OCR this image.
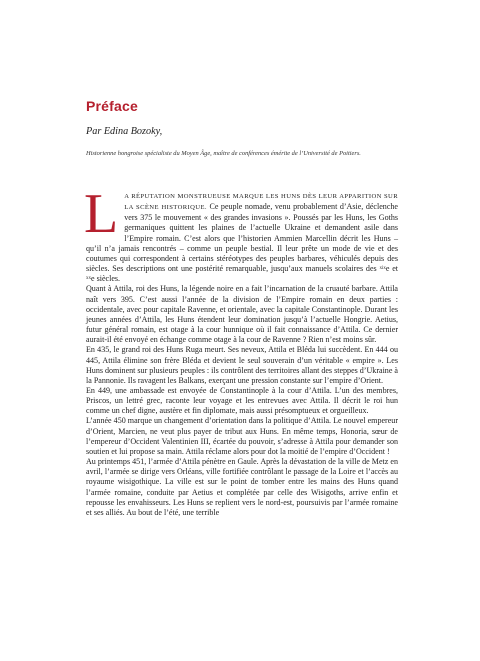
Préface

Par Edina Bozoky,

Historienne hongroise spécialiste du Moyen Âge, maître de conférences émérite de l’Université de Poitiers.

LA RÉPUTATION MONSTRUEUSE MARQUE LES HUNS DÈS LEUR APPARITION SUR LA SCÈNE HISTORIQUE. Ce peuple nomade, venu probablement d’Asie, déclenche vers 375 le mouvement « des grandes invasions ». Poussés par les Huns, les Goths germaniques quittent les plaines de l’actuelle Ukraine et demandent asile dans l’Empire romain. C’est alors que l’historien Ammien Marcellin décrit les Huns – qu’il n’a jamais rencontrés – comme un peuple bestial. Il leur prête un mode de vie et des coutumes qui correspondent à certains stéréotypes des peuples barbares, véhiculés depuis des siècles. Ses descriptions ont une postérité remarquable, jusqu’aux manuels scolaires des $^{xix}$e et $^{xx}$e siècles.

Quant à Attila, roi des Huns, la légende noire en a fait l’incarnation de la cruauté barbare. Attila naît vers 395. C’est aussi l’année de la division de l’Empire romain en deux parties : occidentale, avec pour capitale Ravenne, et orientale, avec la capitale Constantinople. Durant les jeunes années d’Attila, les Huns étendent leur domination jusqu’à l’actuelle Hongrie. Aetius, futur général romain, est otage à la cour hunnique où il fait connaissance d’Attila. Ce dernier aurait-il été envoyé en échange comme otage à la cour de Ravenne ? Rien n’est moins sûr.

En 435, le grand roi des Huns Ruga meurt. Ses neveux, Attila et Bléda lui succèdent. En 444 ou 445, Attila élimine son frère Bléda et devient le seul souverain d’un véritable « empire ». Les Huns dominent sur plusieurs peuples : ils contrôlent des territoires allant des steppes d’Ukraine à la Pannonie. Ils ravagent les Balkans, exerçant une pression constante sur l’empire d’Orient.

En 449, une ambassade est envoyée de Constantinople à la cour d’Attila. L’un des membres, Priscos, un lettré grec, raconte leur voyage et les entrevues avec Attila. Il décrit le roi hun comme un chef digne, austère et fin diplomate, mais aussi présomptueux et orgueilleux.

L’année 450 marque un changement d’orientation dans la politique d’Attila. Le nouvel empereur d’Orient, Marcien, ne veut plus payer de tribut aux Huns. En même temps, Honoria, sœur de l’empereur d’Occident Valentinien III, écartée du pouvoir, s’adresse à Attila pour demander son soutien et lui propose sa main. Attila réclame alors pour dot la moitié de l’empire d’Occident !

Au printemps 451, l’armée d’Attila pénètre en Gaule. Après la dévastation de la ville de Metz en avril, l’armée se dirige vers Orléans, ville fortifiée contrôlant le passage de la Loire et l’accès au royaume wisigothique. La ville est sur le point de tomber entre les mains des Huns quand l’armée romaine, conduite par Aetius et complétée par celle des Wisigoths, arrive enfin et repousse les envahisseurs. Les Huns se replient vers le nord-est, poursuivis par l’armée romaine et ses alliés. Au bout de l’été, une terrible
